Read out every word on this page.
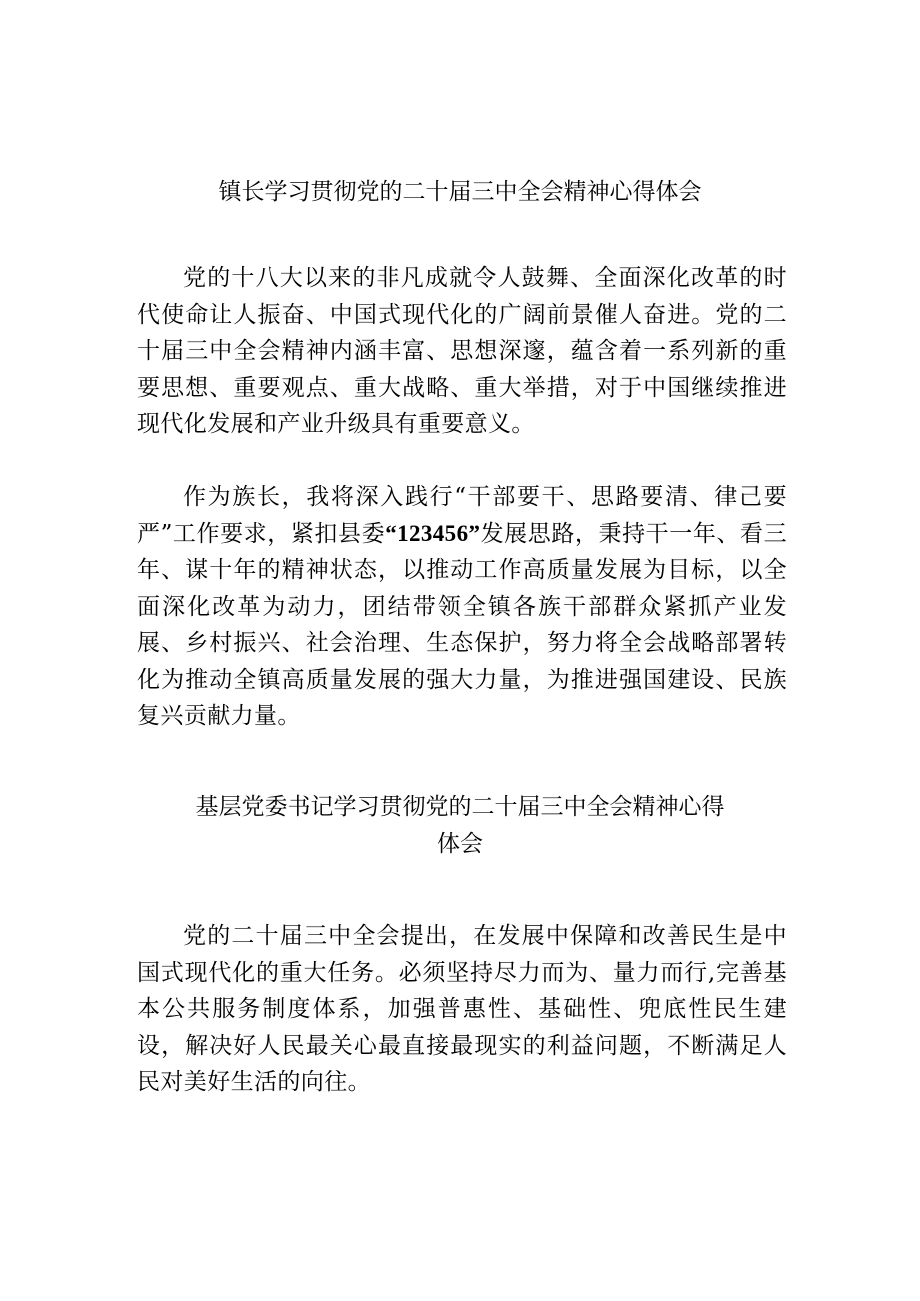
镇长学习贯彻党的二十届三中全会精神心得体会

党的十八大以来的非凡成就令人鼓舞、全面深化改革的时代使命让人振奋、中国式现代化的广阔前景催人奋进。党的二十届三中全会精神内涵丰富、思想深邃，蕴含着一系列新的重要思想、重要观点、重大战略、重大举措，对于中国继续推进现代化发展和产业升级具有重要意义。

作为族长，我将深入践行“干部要干、思路要清、律己要严”工作要求，紧扣县委“123456”发展思路，秉持干一年、看三年、谋十年的精神状态，以推动工作高质量发展为目标，以全面深化改革为动力，团结带领全镇各族干部群众紧抓产业发展、乡村振兴、社会治理、生态保护，努力将全会战略部署转化为推动全镇高质量发展的强大力量，为推进强国建设、民族复兴贡献力量。

基层党委书记学习贯彻党的二十届三中全会精神心得
体会

党的二十届三中全会提出，在发展中保障和改善民生是中国式现代化的重大任务。必须坚持尽力而为、量力而行,完善基本公共服务制度体系，加强普惠性、基础性、兜底性民生建设，解决好人民最关心最直接最现实的利益问题，不断满足人民对美好生活的向往。
